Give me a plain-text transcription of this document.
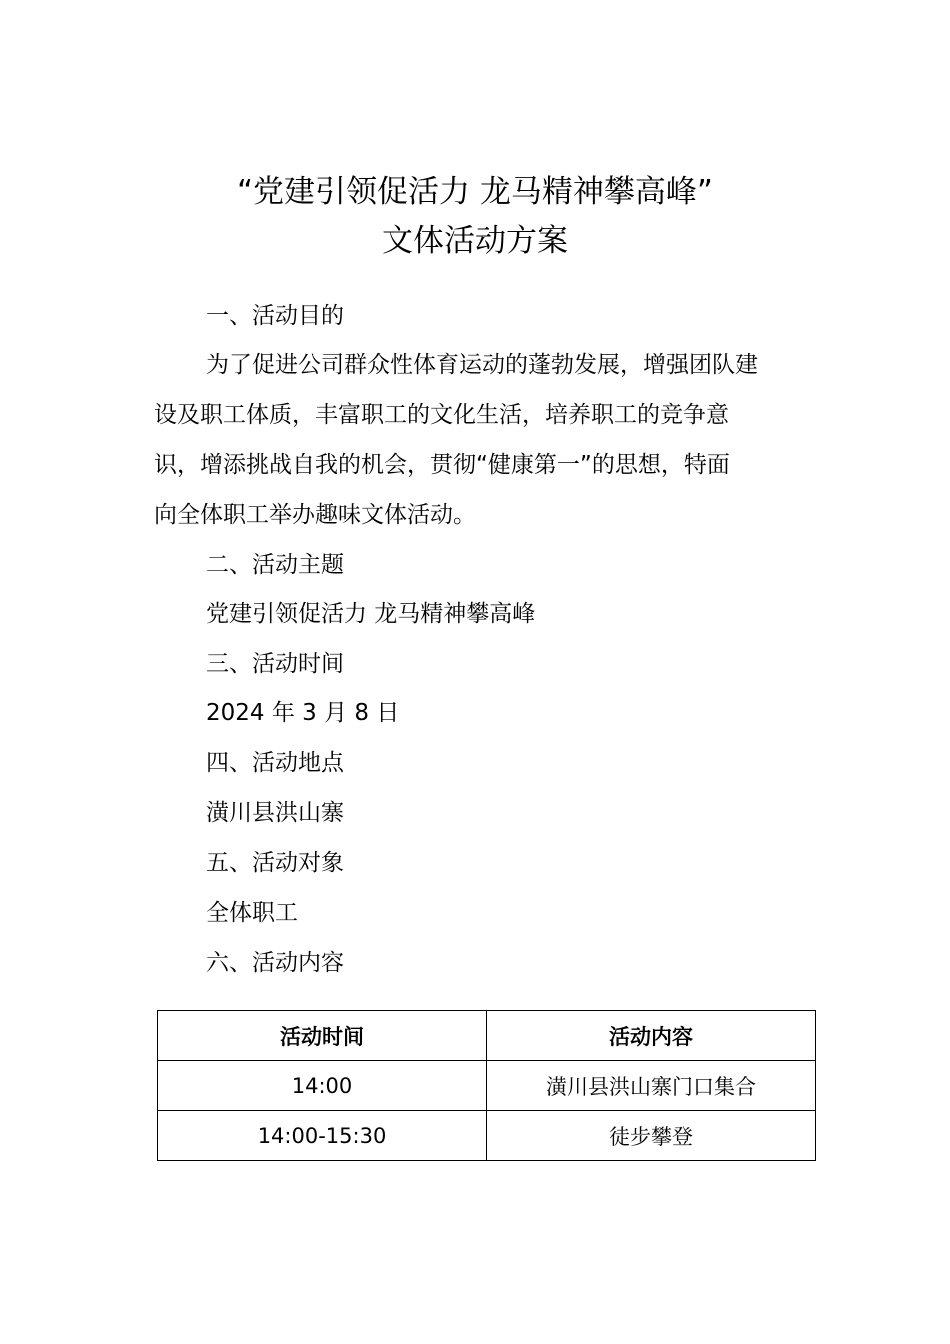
“党建引领促活力 龙马精神攀高峰”
文体活动方案
一、活动目的
为了促进公司群众性体育运动的蓬勃发展，增强团队建
设及职工体质，丰富职工的文化生活，培养职工的竞争意
识，增添挑战自我的机会，贯彻“健康第一”的思想，特面
向全体职工举办趣味文体活动。
二、活动主题
党建引领促活力 龙马精神攀高峰
三、活动时间
2024 年 3 月 8 日
四、活动地点
潢川县洪山寨
五、活动对象
全体职工
六、活动内容
活动时间	活动内容
14:00	潢川县洪山寨门口集合
14:00-15:30	徒步攀登
